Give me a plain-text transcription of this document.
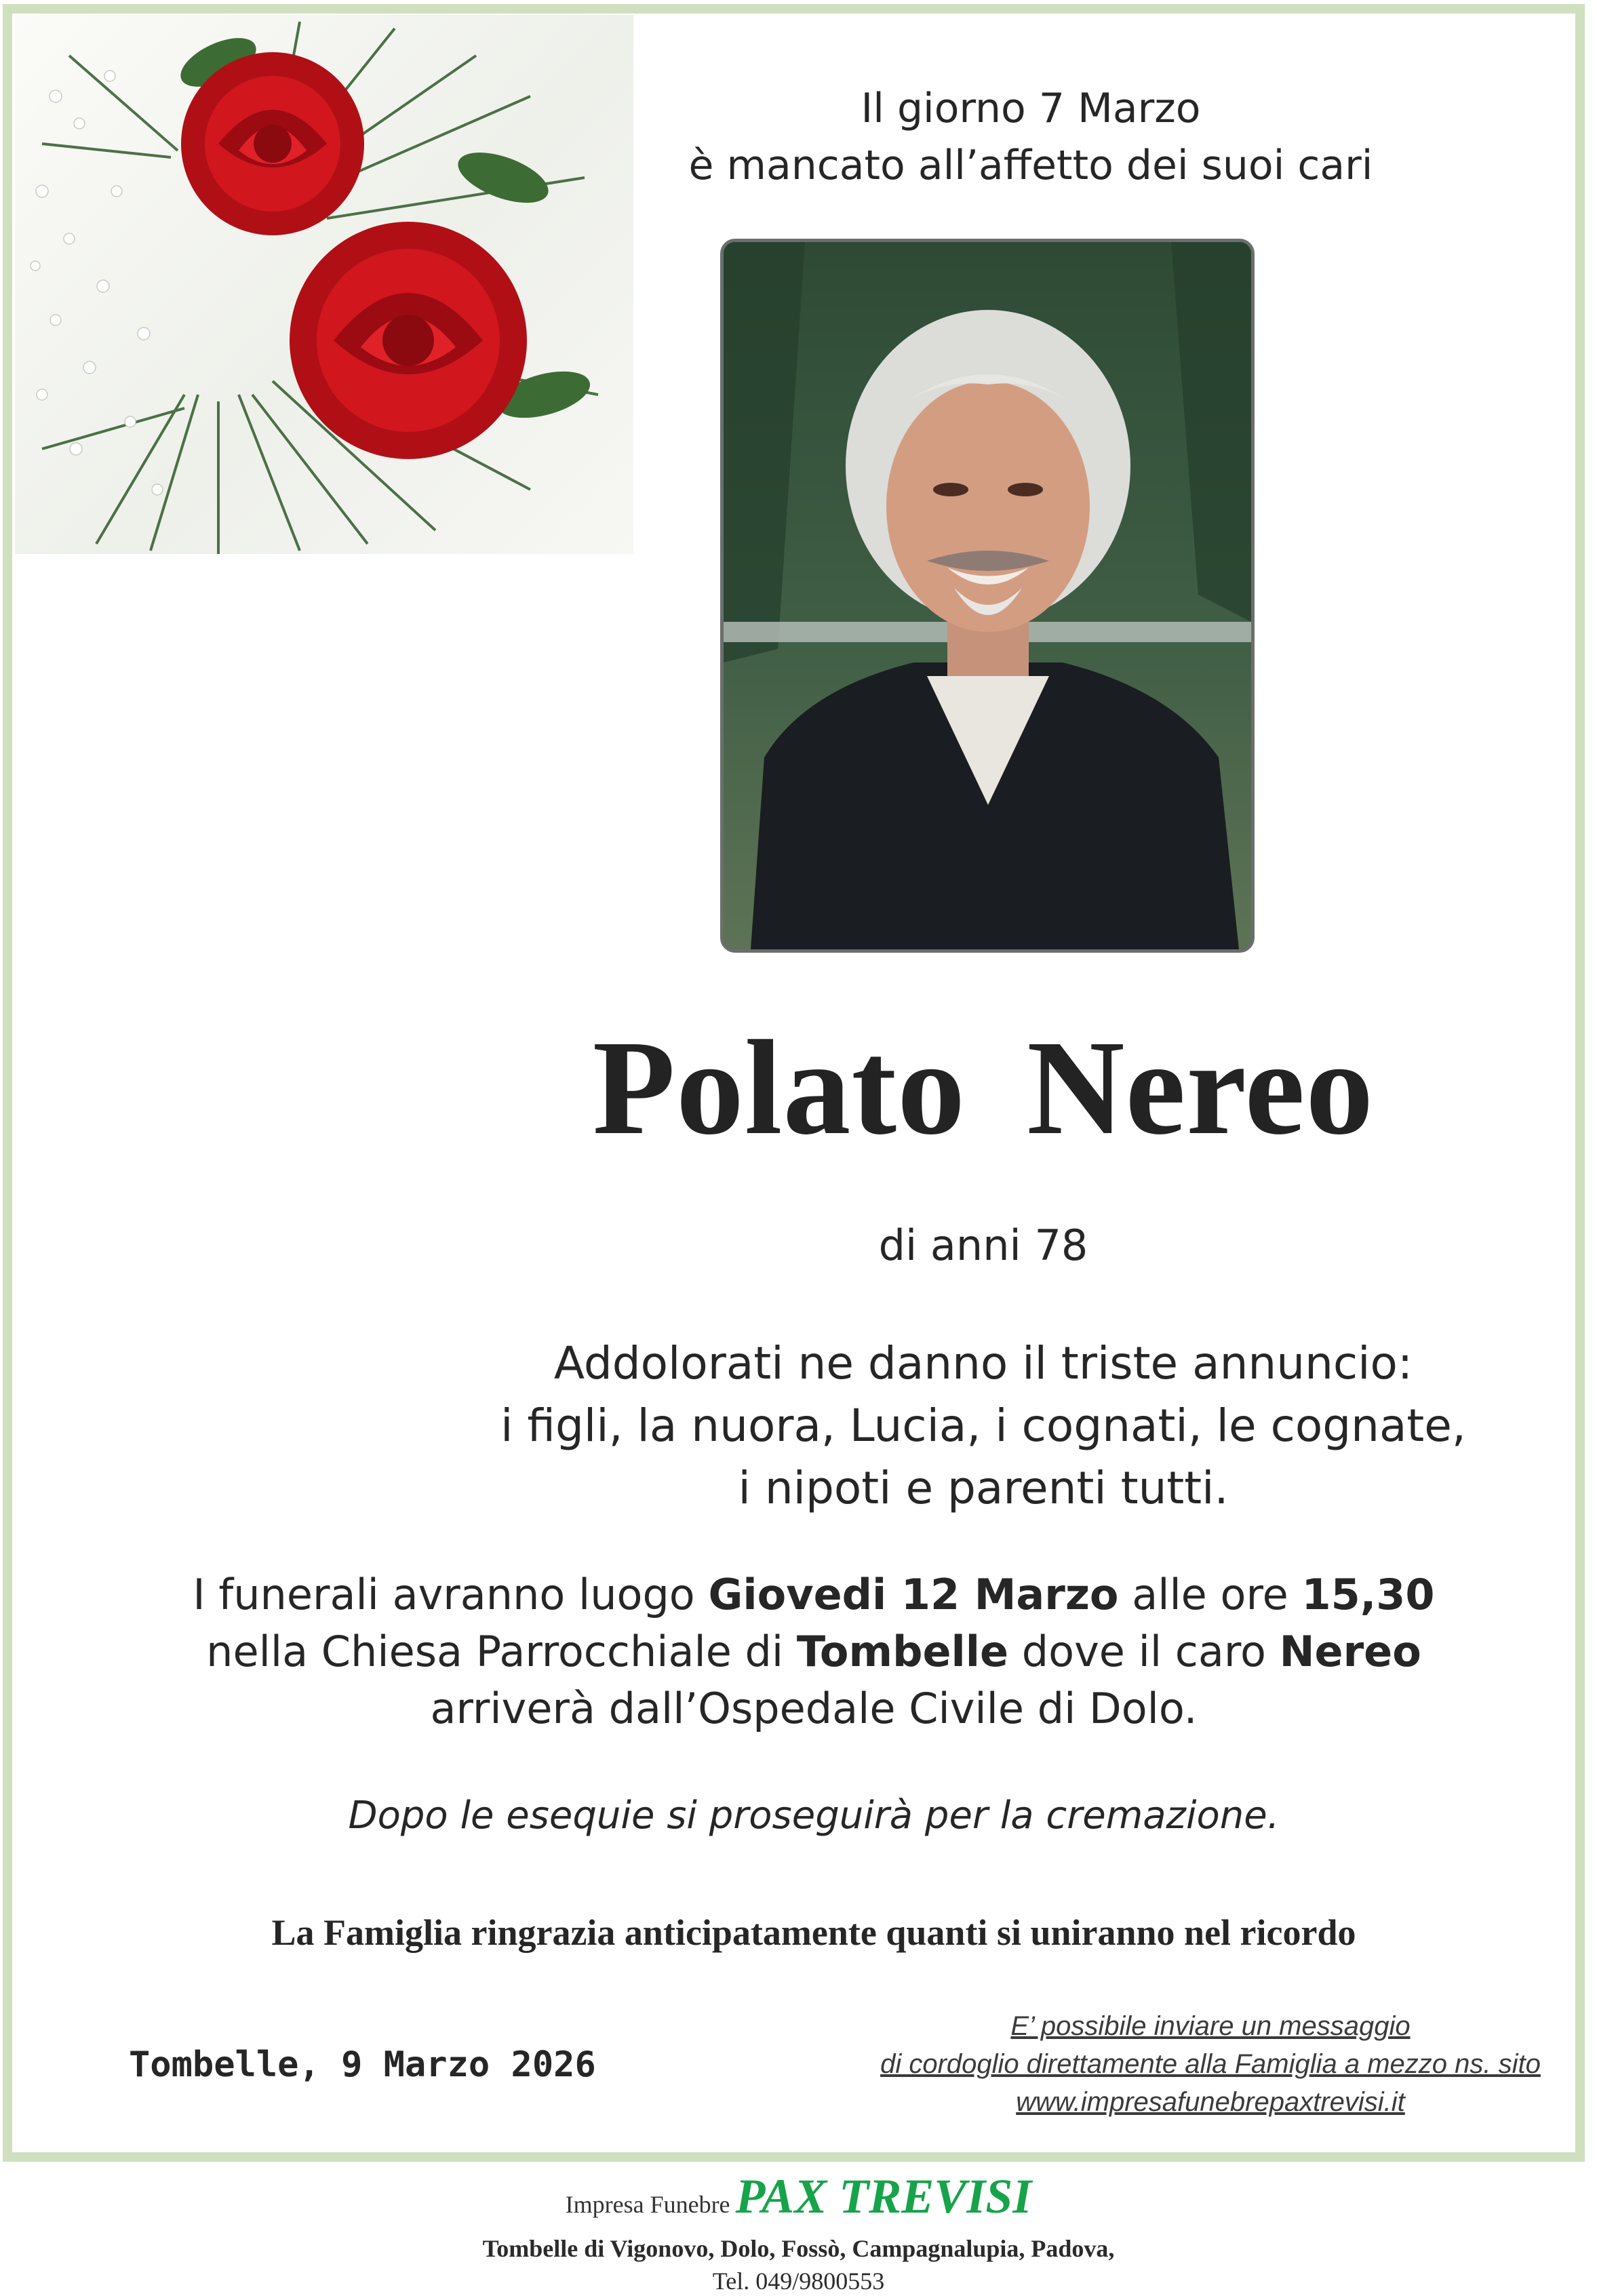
Il giorno 7 Marzo
è mancato all’affetto dei suoi cari
Polato Nereo
di anni 78
Addolorati ne danno il triste annuncio:
i figli, la nuora, Lucia, i cognati, le cognate,
i nipoti e parenti tutti.
I funerali avranno luogo Giovedi 12 Marzo alle ore 15,30
nella Chiesa Parrocchiale di Tombelle dove il caro Nereo
arriverà dall’Ospedale Civile di Dolo.
Dopo le esequie si proseguirà per la cremazione.
La Famiglia ringrazia anticipatamente quanti si uniranno nel ricordo
Tombelle, 9 Marzo 2026
E’ possibile inviare un messaggio
di cordoglio direttamente alla Famiglia a mezzo ns. sito
www.impresafunebrepaxtrevisi.it
Impresa Funebre PAX TREVISI
Tombelle di Vigonovo, Dolo, Fossò, Campagnalupia, Padova,
Tel. 049/9800553
